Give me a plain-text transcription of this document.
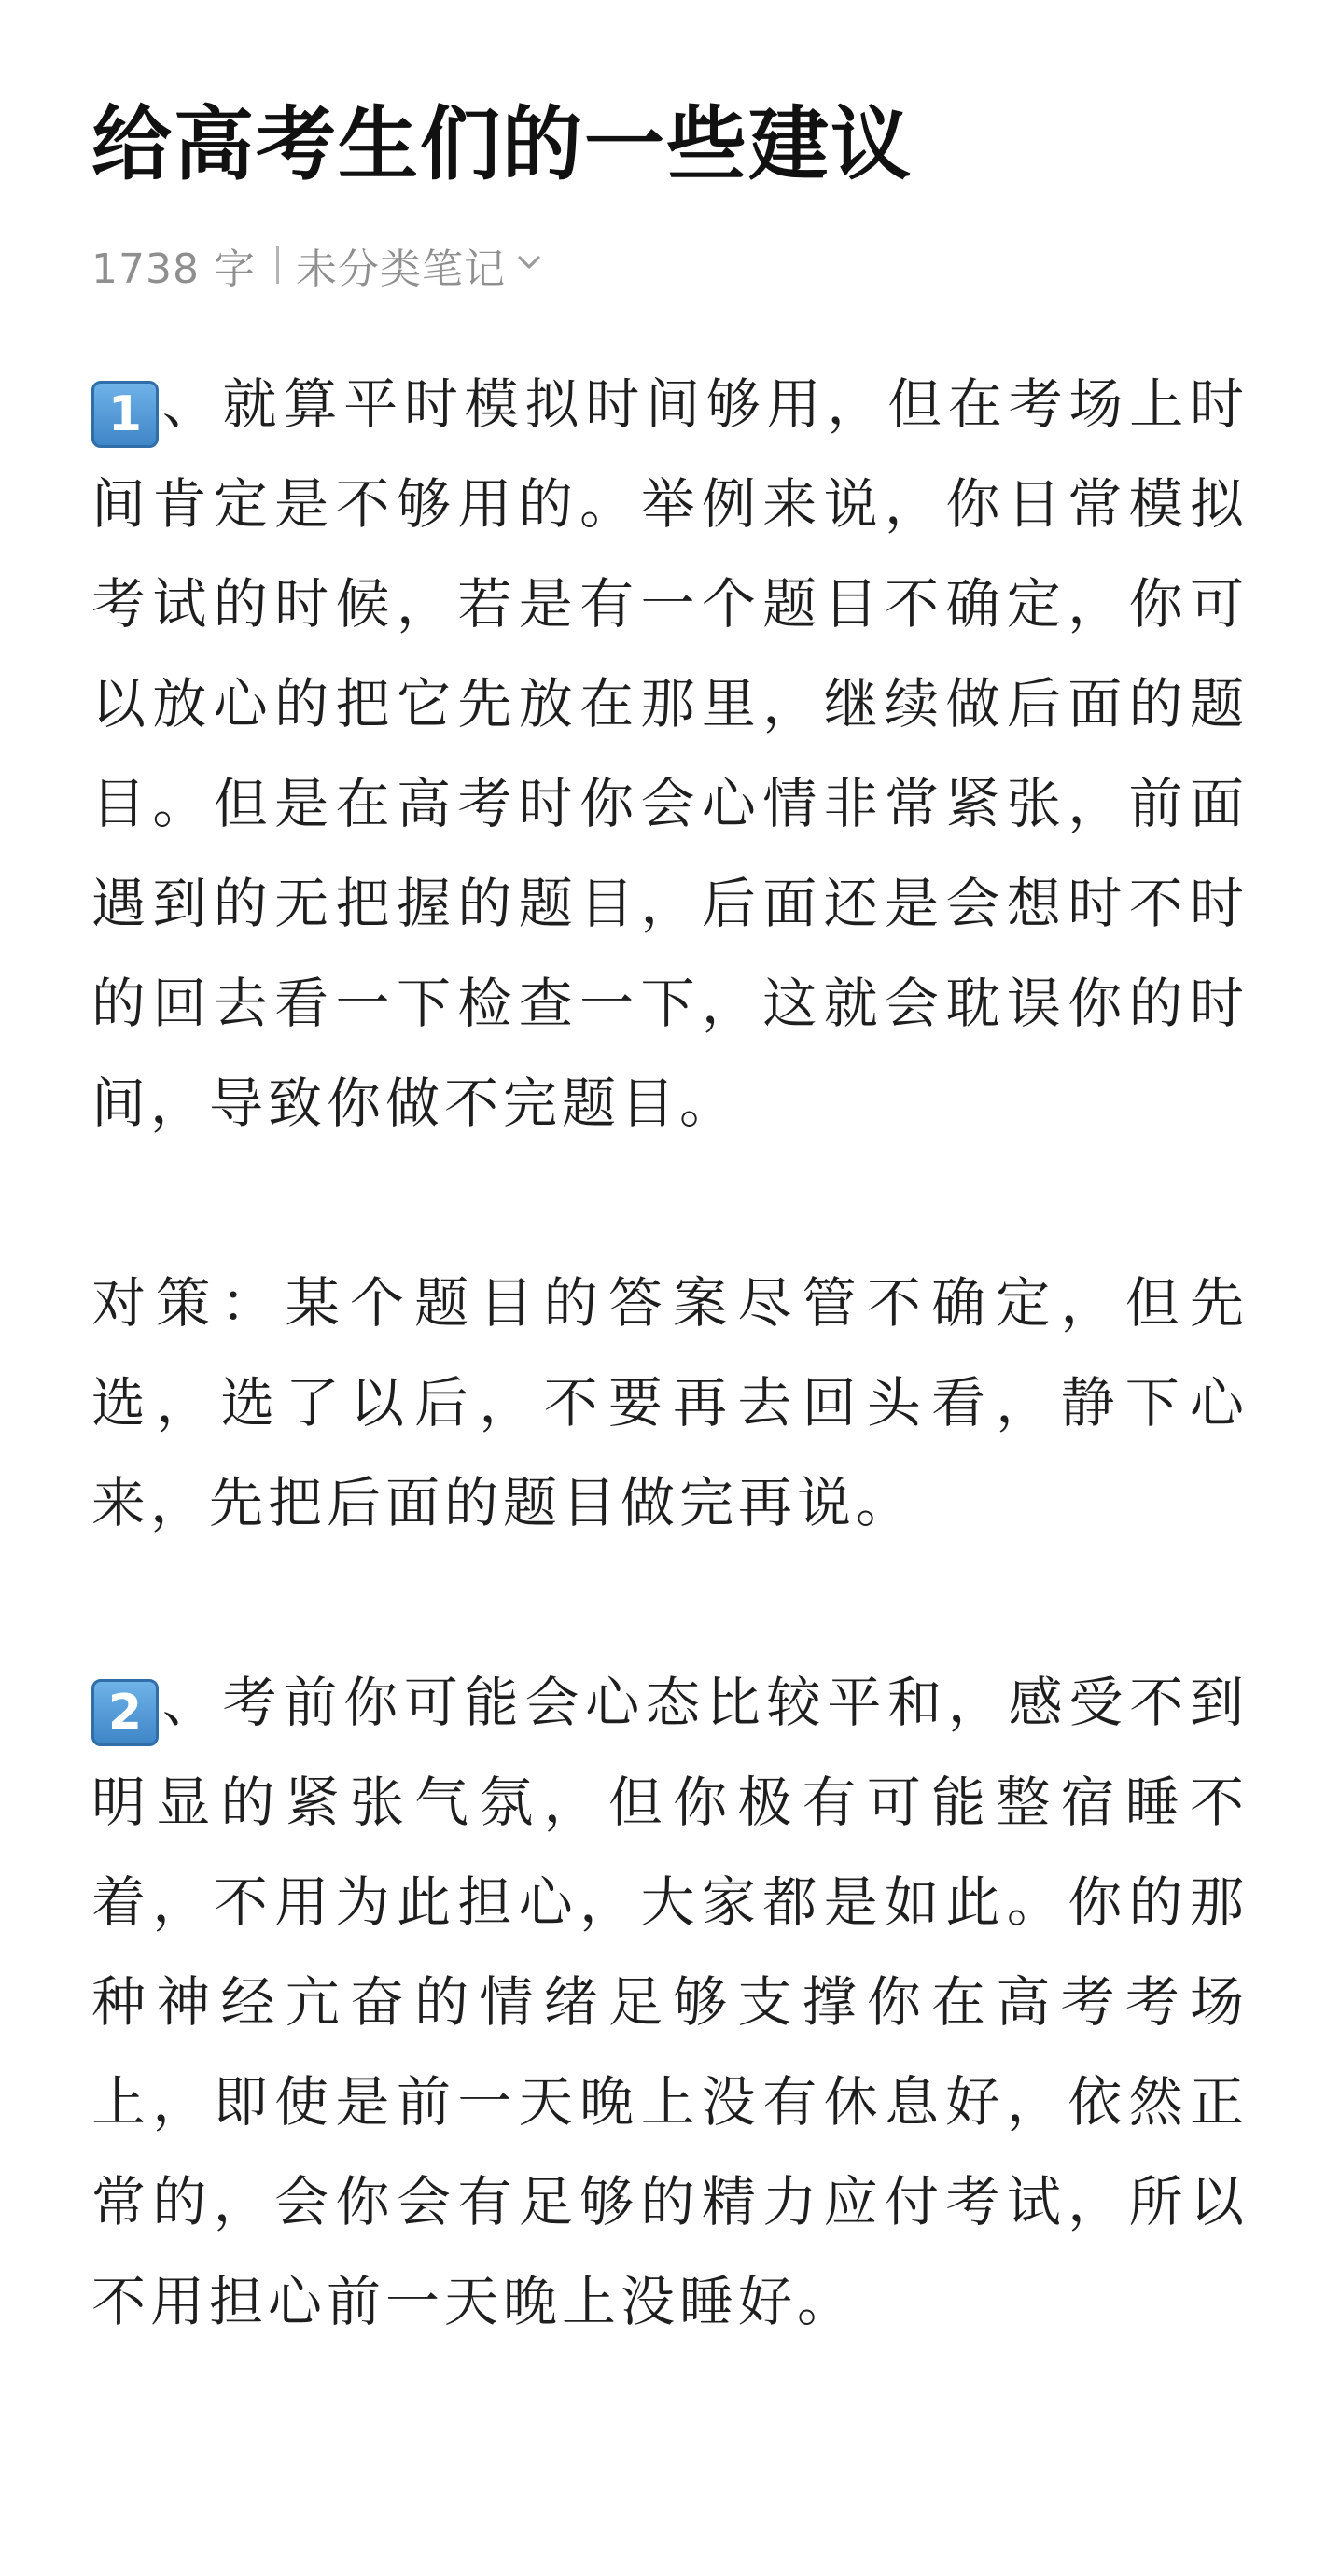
给高考生们的一些建议
1738 字 未分类笔记

1 、就算平时模拟时间够用，但在考场上时间肯定是不够用的。举例来说，你日常模拟考试的时候，若是有一个题目不确定，你可以放心的把它先放在那里，继续做后面的题目。但是在高考时你会心情非常紧张，前面遇到的无把握的题目，后面还是会想时不时的回去看一下检查一下，这就会耽误你的时间，导致你做不完题目。

对策：某个题目的答案尽管不确定，但先选，选了以后，不要再去回头看，静下心来，先把后面的题目做完再说。

2 、考前你可能会心态比较平和，感受不到明显的紧张气氛，但你极有可能整宿睡不着，不用为此担心，大家都是如此。你的那种神经亢奋的情绪足够支撑你在高考考场上，即使是前一天晚上没有休息好，依然正常的，会你会有足够的精力应付考试，所以不用担心前一天晚上没睡好。
